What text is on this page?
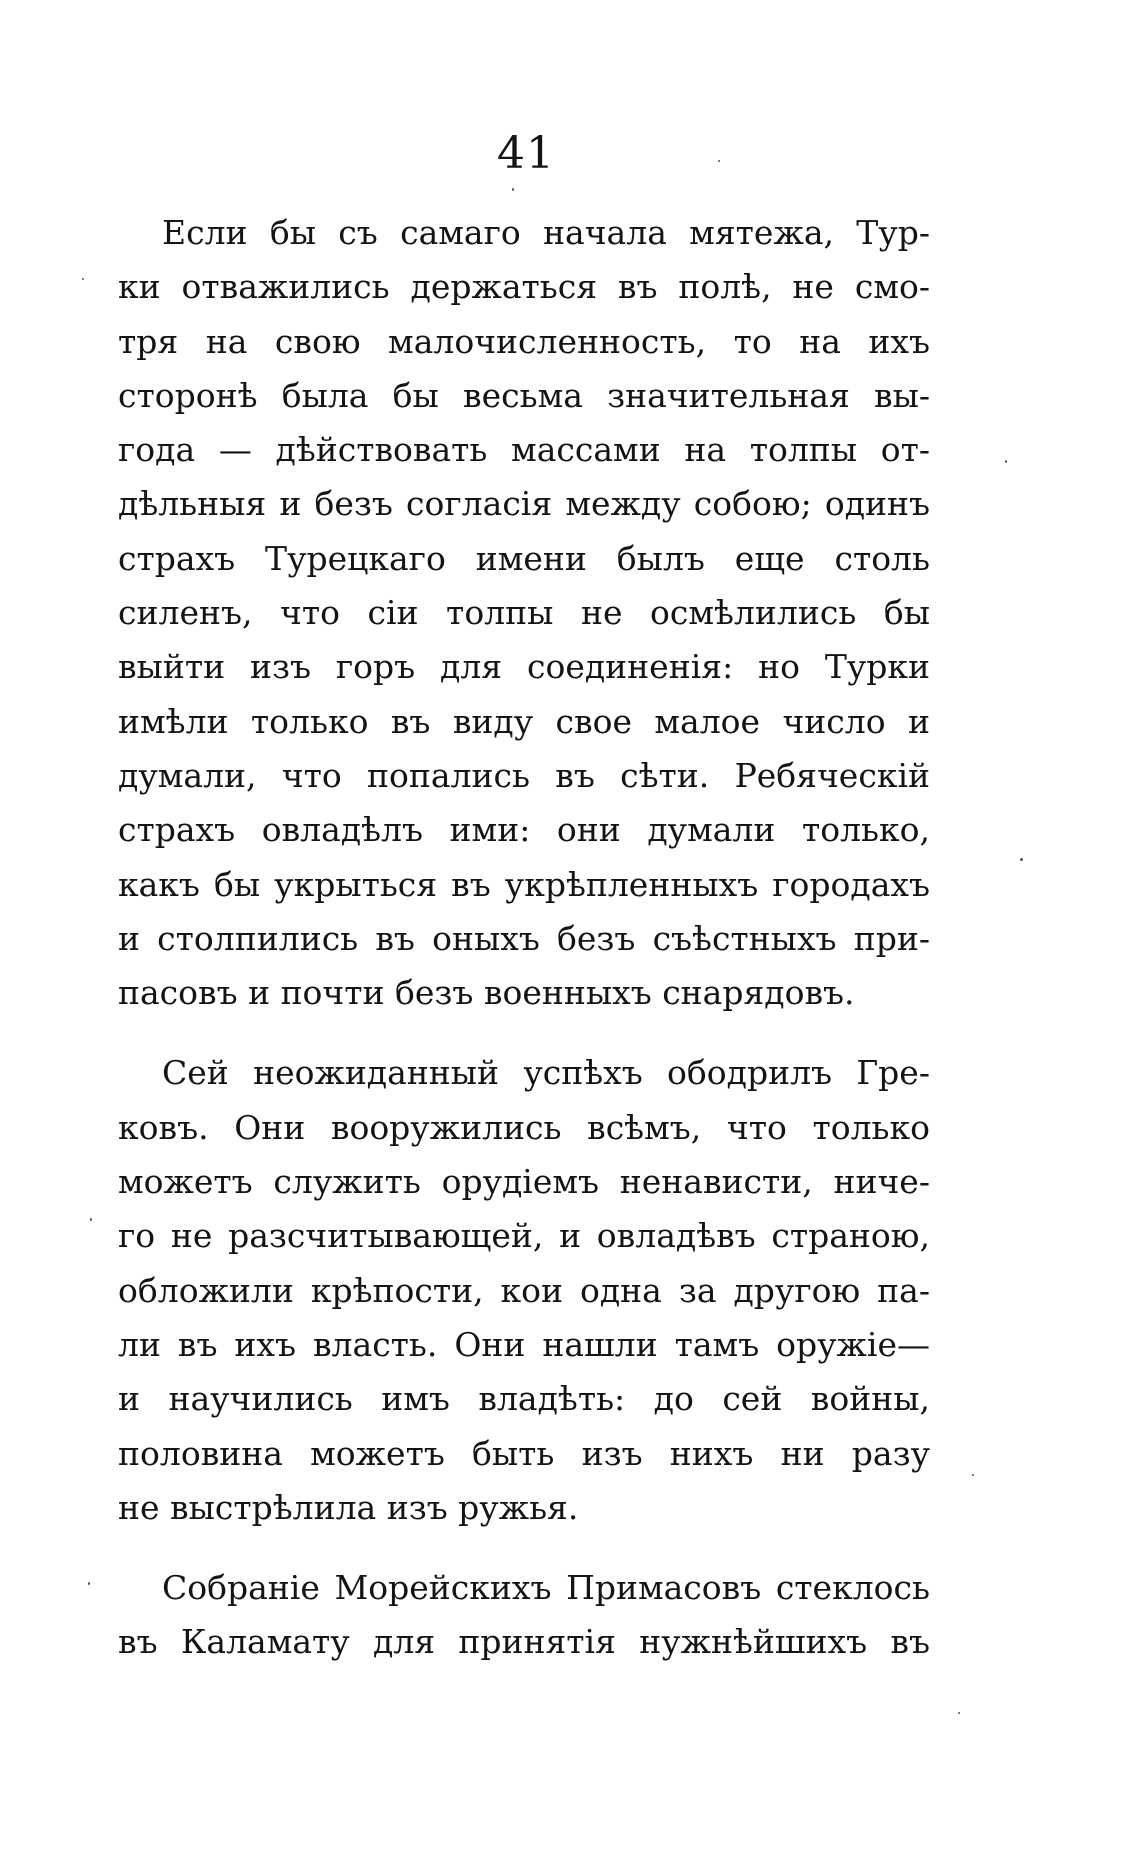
41
Если бы съ самаго начала мятежа, Тур-
ки отважились держаться въ полѣ, не смо-
тря на свою малочисленность, то на ихъ
сторонѣ была бы весьма значительная вы-
года — дѣйствовать массами на толпы от-
дѣльныя и безъ согласія между собою; одинъ
страхъ Турецкаго имени былъ еще столь
силенъ, что сіи толпы не осмѣлились бы
выйти изъ горъ для соединенія: но Турки
имѣли только въ виду свое малое число и
думали, что попались въ сѣти. Ребяческій
страхъ овладѣлъ ими: они думали только,
какъ бы укрыться въ укрѣпленныхъ городахъ
и столпились въ оныхъ безъ съѣстныхъ при-
пасовъ и почти безъ военныхъ снарядовъ.
Сей неожиданный успѣхъ ободрилъ Гре-
ковъ. Они вооружились всѣмъ, что только
можетъ служить орудіемъ ненависти, ниче-
го не разсчитывающей, и овладѣвъ страною,
обложили крѣпости, кои одна за другою па-
ли въ ихъ власть. Они нашли тамъ оружіе—
и научились имъ владѣть: до сей войны,
половина можетъ быть изъ нихъ ни разу
не выстрѣлила изъ ружья.
Собраніе Морейскихъ Примасовъ стеклось
въ Каламату для принятія нужнѣйшихъ въ
